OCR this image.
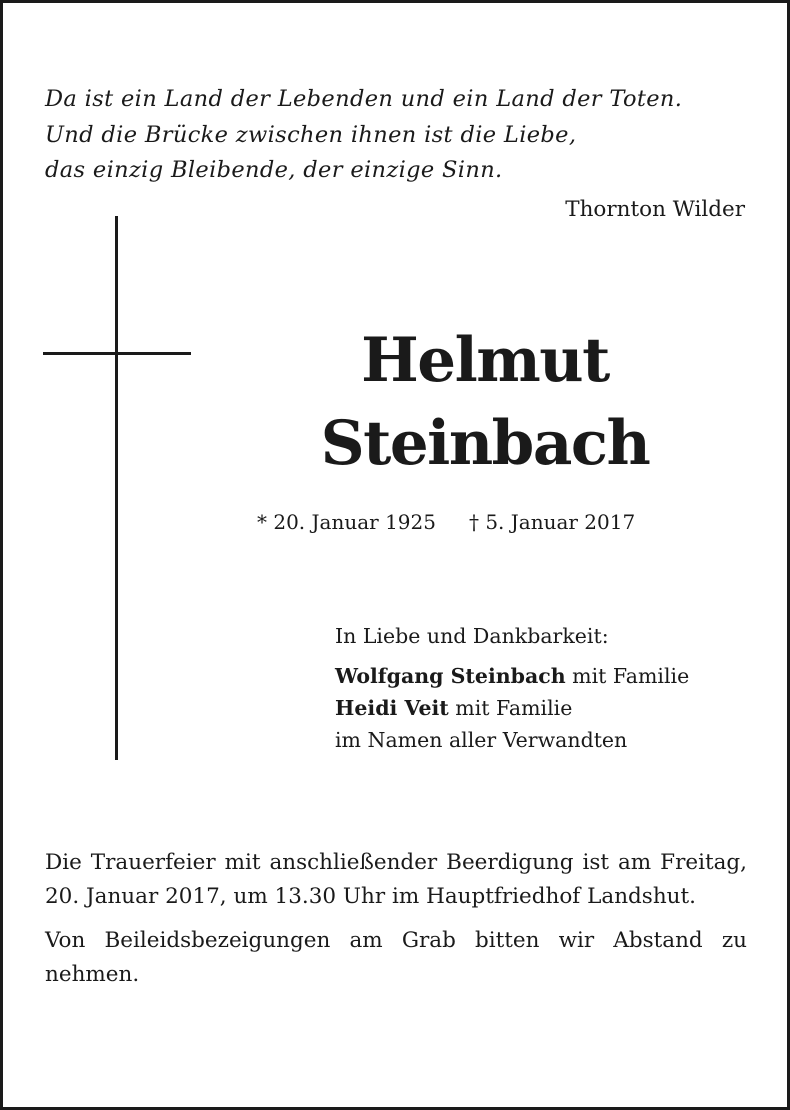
Da ist ein Land der Lebenden und ein Land der Toten.
Und die Brücke zwischen ihnen ist die Liebe,
das einzig Bleibende, der einzige Sinn.
Thornton Wilder
Helmut
Steinbach
* 20. Januar 1925 † 5. Januar 2017
In Liebe und Dankbarkeit:
Wolfgang Steinbach mit Familie
Heidi Veit mit Familie
im Namen aller Verwandten

Die Trauerfeier mit anschließender Beerdigung ist am Freitag, 20. Januar 2017, um 13.30 Uhr im Hauptfriedhof Landshut.

Von Beileidsbezeigungen am Grab bitten wir Abstand zu nehmen.
